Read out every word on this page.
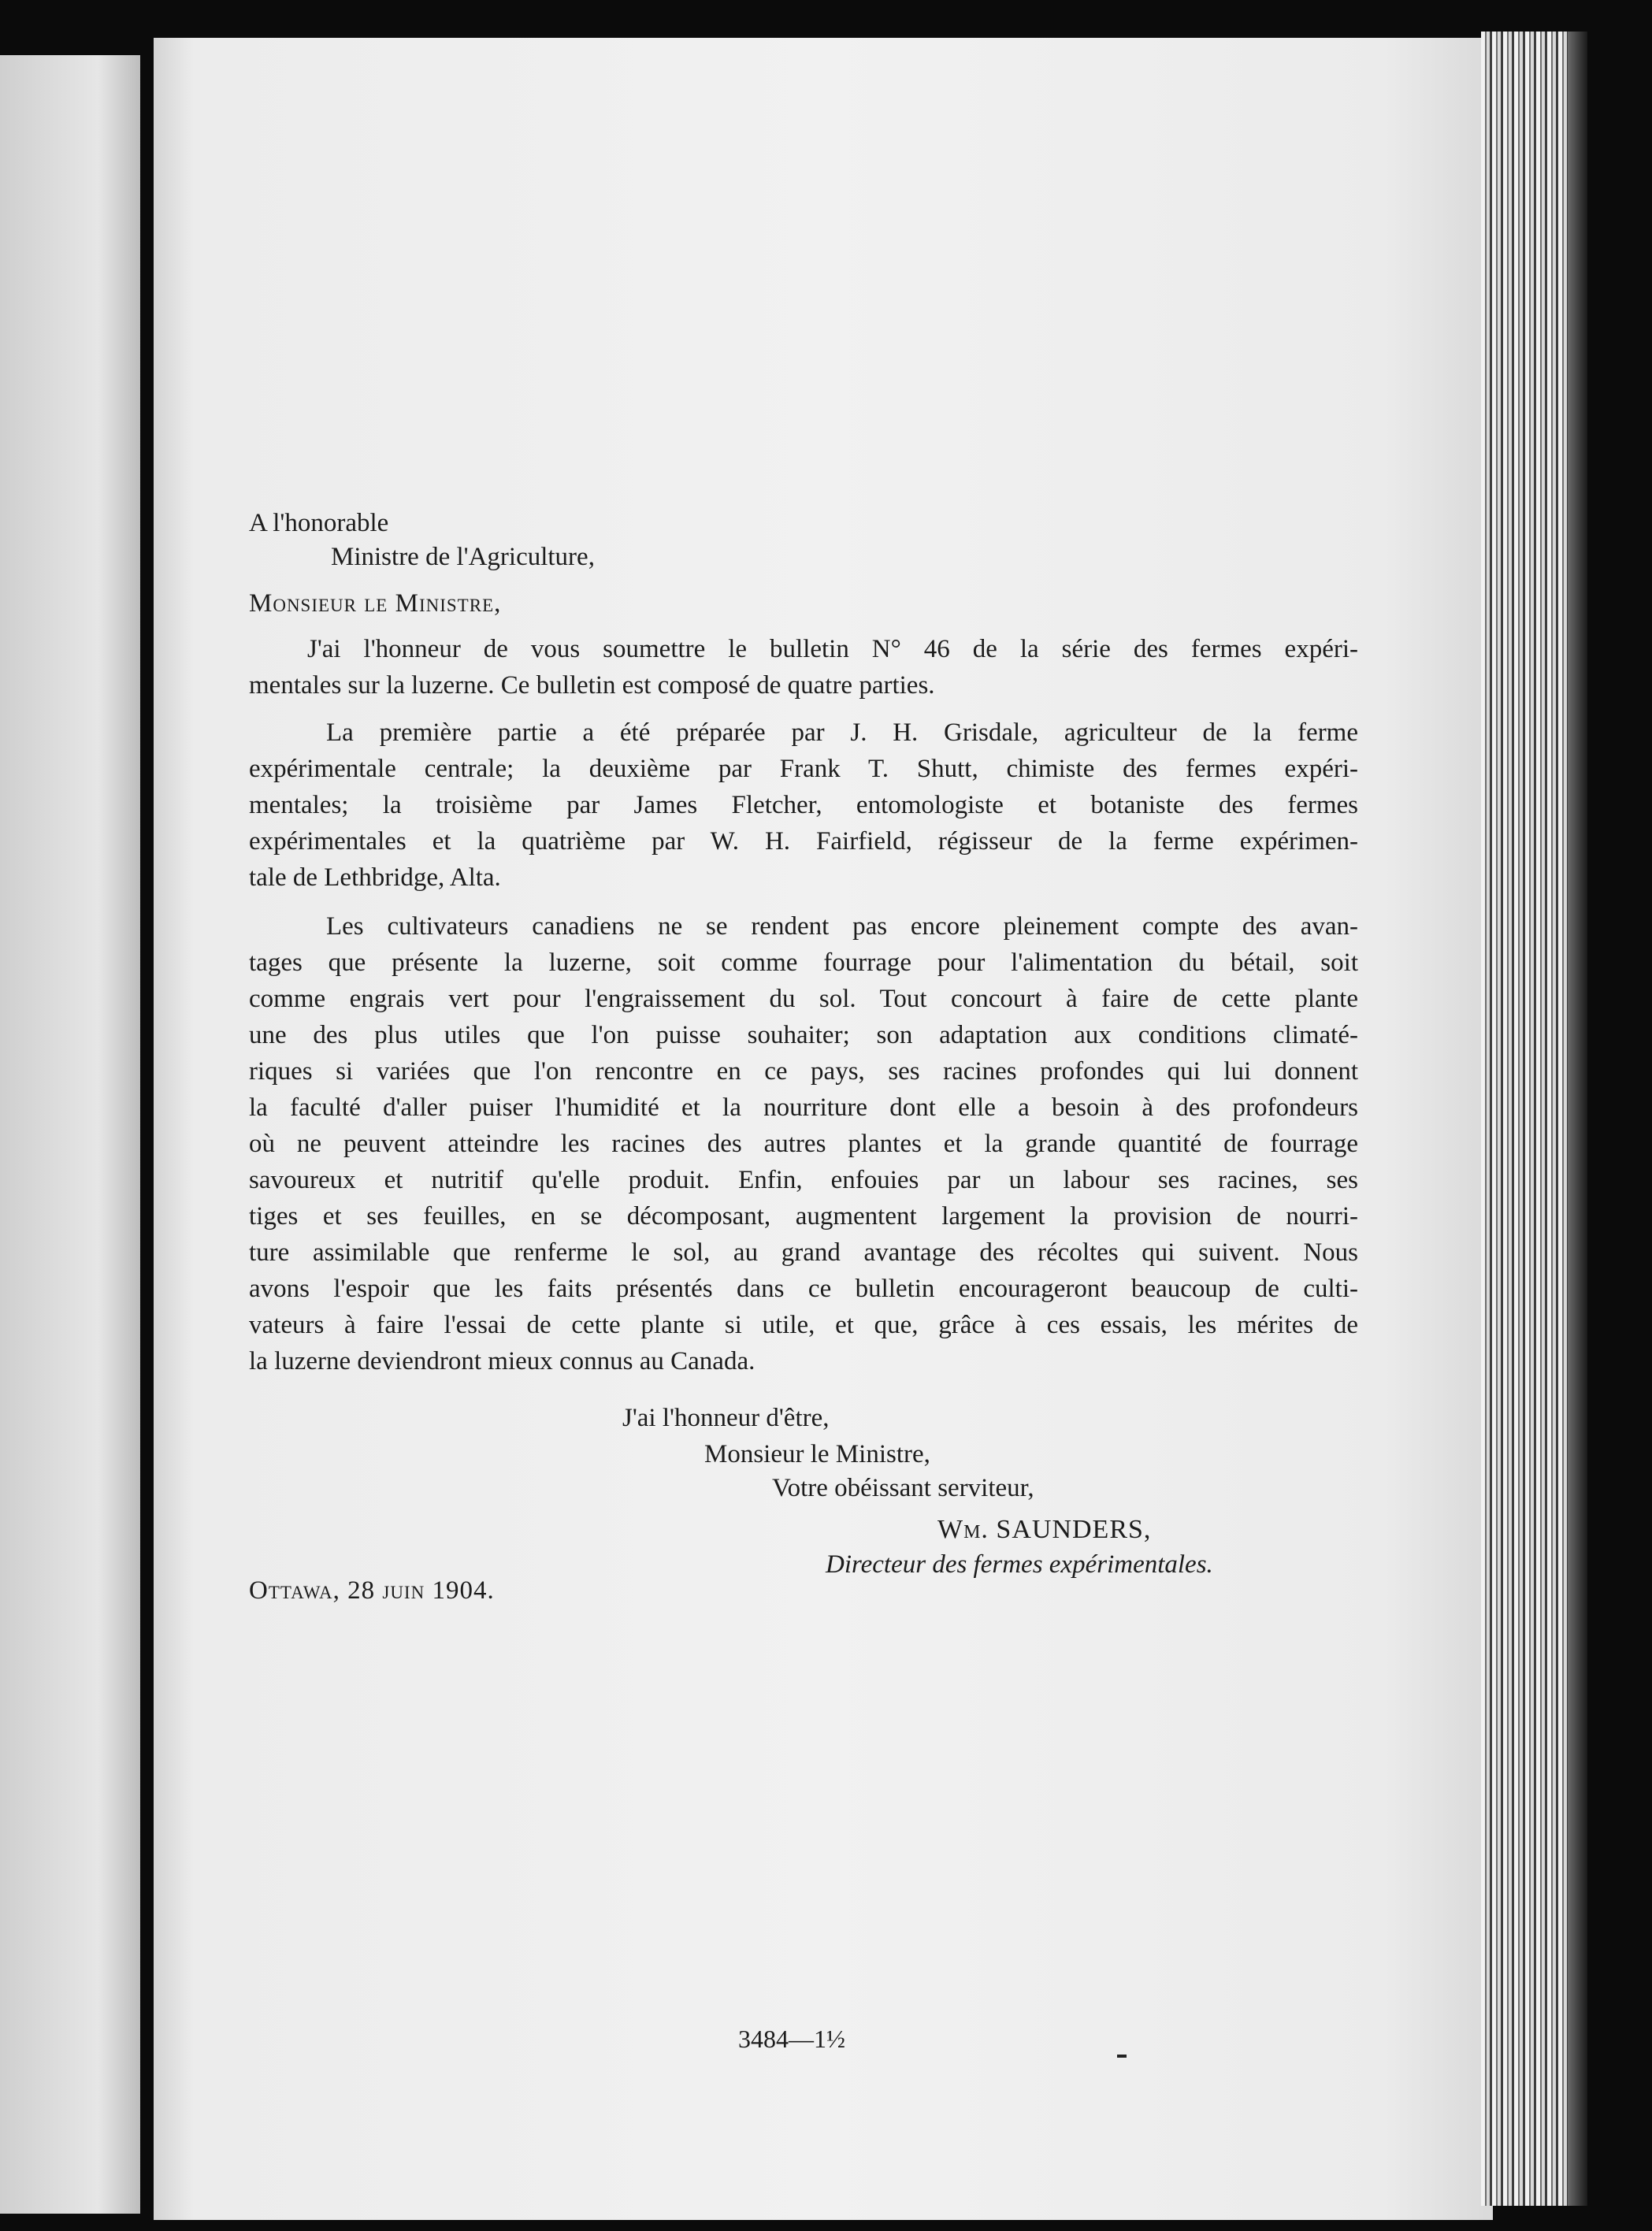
A l'honorable

Ministre de l'Agriculture,

Monsieur le Ministre,

J'ai l'honneur de vous soumettre le bulletin N° 46 de la série des fermes expéri-

mentales sur la luzerne. Ce bulletin est composé de quatre parties.

La première partie a été préparée par J. H. Grisdale, agriculteur de la ferme

expérimentale centrale; la deuxième par Frank T. Shutt, chimiste des fermes expéri-

mentales; la troisième par James Fletcher, entomologiste et botaniste des fermes

expérimentales et la quatrième par W. H. Fairfield, régisseur de la ferme expérimen-

tale de Lethbridge, Alta.

Les cultivateurs canadiens ne se rendent pas encore pleinement compte des avan-

tages que présente la luzerne, soit comme fourrage pour l'alimentation du bétail, soit

comme engrais vert pour l'engraissement du sol. Tout concourt à faire de cette plante

une des plus utiles que l'on puisse souhaiter; son adaptation aux conditions climaté-

riques si variées que l'on rencontre en ce pays, ses racines profondes qui lui donnent

la faculté d'aller puiser l'humidité et la nourriture dont elle a besoin à des profondeurs

où ne peuvent atteindre les racines des autres plantes et la grande quantité de fourrage

savoureux et nutritif qu'elle produit. Enfin, enfouies par un labour ses racines, ses

tiges et ses feuilles, en se décomposant, augmentent largement la provision de nourri-

ture assimilable que renferme le sol, au grand avantage des récoltes qui suivent. Nous

avons l'espoir que les faits présentés dans ce bulletin encourageront beaucoup de culti-

vateurs à faire l'essai de cette plante si utile, et que, grâce à ces essais, les mérites de

la luzerne deviendront mieux connus au Canada.

J'ai l'honneur d'être,

Monsieur le Ministre,

Votre obéissant serviteur,

Wm. SAUNDERS,

Directeur des fermes expérimentales.

Ottawa, 28 juin 1904.

3484—1½
